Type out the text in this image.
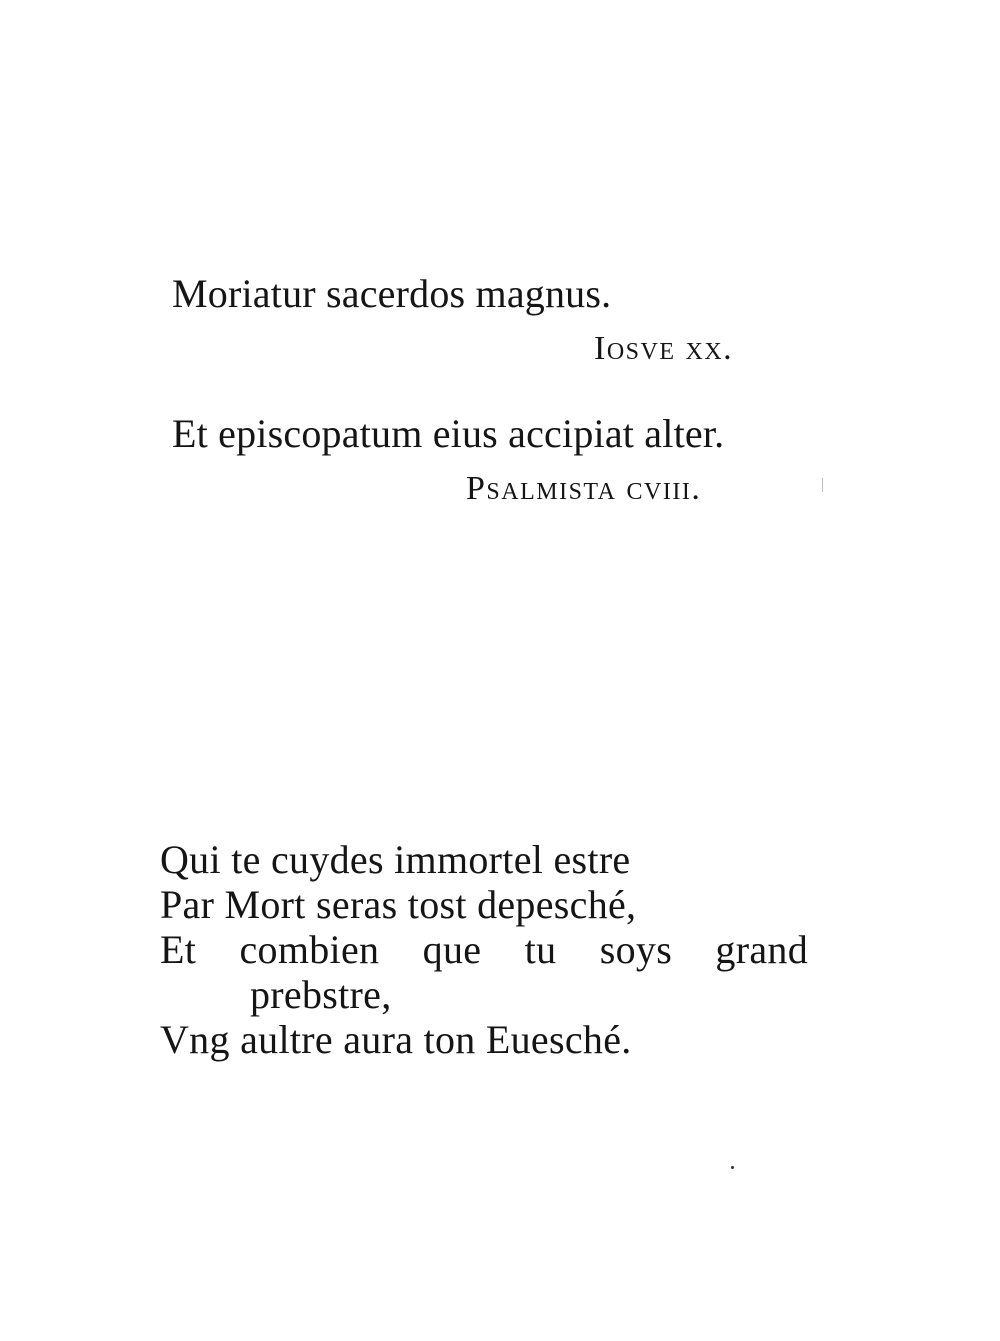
Moriatur sacerdos magnus.
Iosve xx.
Et episcopatum eius accipiat alter.
Psalmista cviii.
Qui te cuydes immortel estre
Par Mort seras tost depesché,
Et combien que tu soys grand
prebstre,
Vng aultre aura ton Euesché.
